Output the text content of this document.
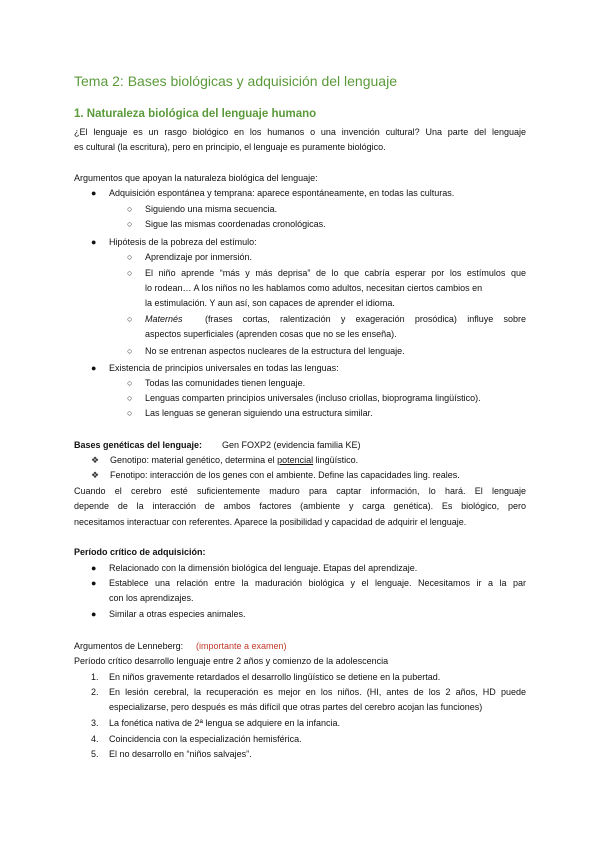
Tema 2: Bases biológicas y adquisición del lenguaje
1. Naturaleza biológica del lenguaje humano
¿El lenguaje es un rasgo biológico en los humanos o una invención cultural? Una parte del lenguaje
es cultural (la escritura), pero en principio, el lenguaje es puramente biológico.
Argumentos que apoyan la naturaleza biológica del lenguaje:
● Adquisición espontánea y temprana: aparece espontáneamente, en todas las culturas.
○ Siguiendo una misma secuencia.
○ Sigue las mismas coordenadas cronológicas.
● Hipótesis de la pobreza del estímulo:
○ Aprendizaje por inmersión.
○ El niño aprende “más y más deprisa” de lo que cabría esperar por los estímulos que
lo rodean… A los niños no les hablamos como adultos, necesitan ciertos cambios en
la estimulación. Y aun así, son capaces de aprender el idioma.
○ Maternés (frases cortas, ralentización y exageración prosódica) influye sobre
aspectos superficiales (aprenden cosas que no se les enseña).
○ No se entrenan aspectos nucleares de la estructura del lenguaje.
● Existencia de principios universales en todas las lenguas:
○ Todas las comunidades tienen lenguaje.
○ Lenguas comparten principios universales (incluso criollas, bioprograma lingüístico).
○ Las lenguas se generan siguiendo una estructura similar.
Bases genéticas del lenguaje: Gen FOXP2 (evidencia familia KE)
❖ Genotipo: material genético, determina el potencial lingüístico.
❖ Fenotipo: interacción de los genes con el ambiente. Define las capacidades ling. reales.
Cuando el cerebro esté suficientemente maduro para captar información, lo hará. El lenguaje
depende de la interacción de ambos factores (ambiente y carga genética). Es biológico, pero
necesitamos interactuar con referentes. Aparece la posibilidad y capacidad de adquirir el lenguaje.
Período crítico de adquisición:
● Relacionado con la dimensión biológica del lenguaje. Etapas del aprendizaje.
● Establece una relación entre la maduración biológica y el lenguaje. Necesitamos ir a la par
con los aprendizajes.
● Similar a otras especies animales.
Argumentos de Lenneberg: (importante a examen)
Período crítico desarrollo lenguaje entre 2 años y comienzo de la adolescencia
1. En niños gravemente retardados el desarrollo lingüístico se detiene en la pubertad.
2. En lesión cerebral, la recuperación es mejor en los niños. (HI, antes de los 2 años, HD puede
especializarse, pero después es más difícil que otras partes del cerebro acojan las funciones)
3. La fonética nativa de 2ª lengua se adquiere en la infancia.
4. Coincidencia con la especialización hemisférica.
5. El no desarrollo en “niños salvajes”.
